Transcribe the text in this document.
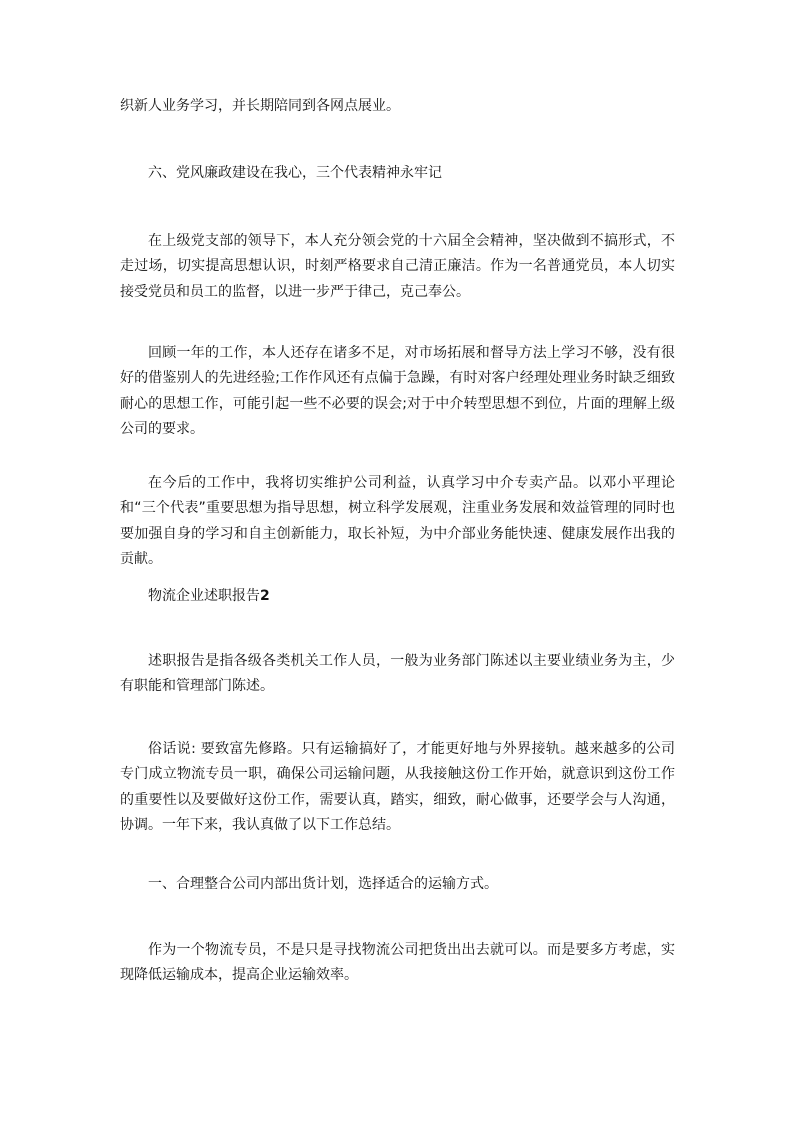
织新人业务学习，并长期陪同到各网点展业。

六、党风廉政建设在我心，三个代表精神永牢记

在上级党支部的领导下，本人充分领会党的十六届全会精神，坚决做到不搞形式，不走过场，切实提高思想认识，时刻严格要求自己清正廉洁。作为一名普通党员，本人切实接受党员和员工的监督，以进一步严于律己，克己奉公。

回顾一年的工作，本人还存在诸多不足，对市场拓展和督导方法上学习不够，没有很好的借鉴别人的先进经验;工作作风还有点偏于急躁，有时对客户经理处理业务时缺乏细致耐心的思想工作，可能引起一些不必要的误会;对于中介转型思想不到位，片面的理解上级公司的要求。

在今后的工作中，我将切实维护公司利益，认真学习中介专卖产品。以邓小平理论和“三个代表”重要思想为指导思想，树立科学发展观，注重业务发展和效益管理的同时也要加强自身的学习和自主创新能力，取长补短，为中介部业务能快速、健康发展作出我的贡献。

物流企业述职报告2

述职报告是指各级各类机关工作人员，一般为业务部门陈述以主要业绩业务为主，少有职能和管理部门陈述。

俗话说: 要致富先修路。只有运输搞好了，才能更好地与外界接轨。越来越多的公司专门成立物流专员一职，确保公司运输问题，从我接触这份工作开始，就意识到这份工作的重要性以及要做好这份工作，需要认真，踏实，细致，耐心做事，还要学会与人沟通，协调。一年下来，我认真做了以下工作总结。

一、合理整合公司内部出货计划，选择适合的运输方式。

作为一个物流专员，不是只是寻找物流公司把货出出去就可以。而是要多方考虑，实现降低运输成本，提高企业运输效率。
